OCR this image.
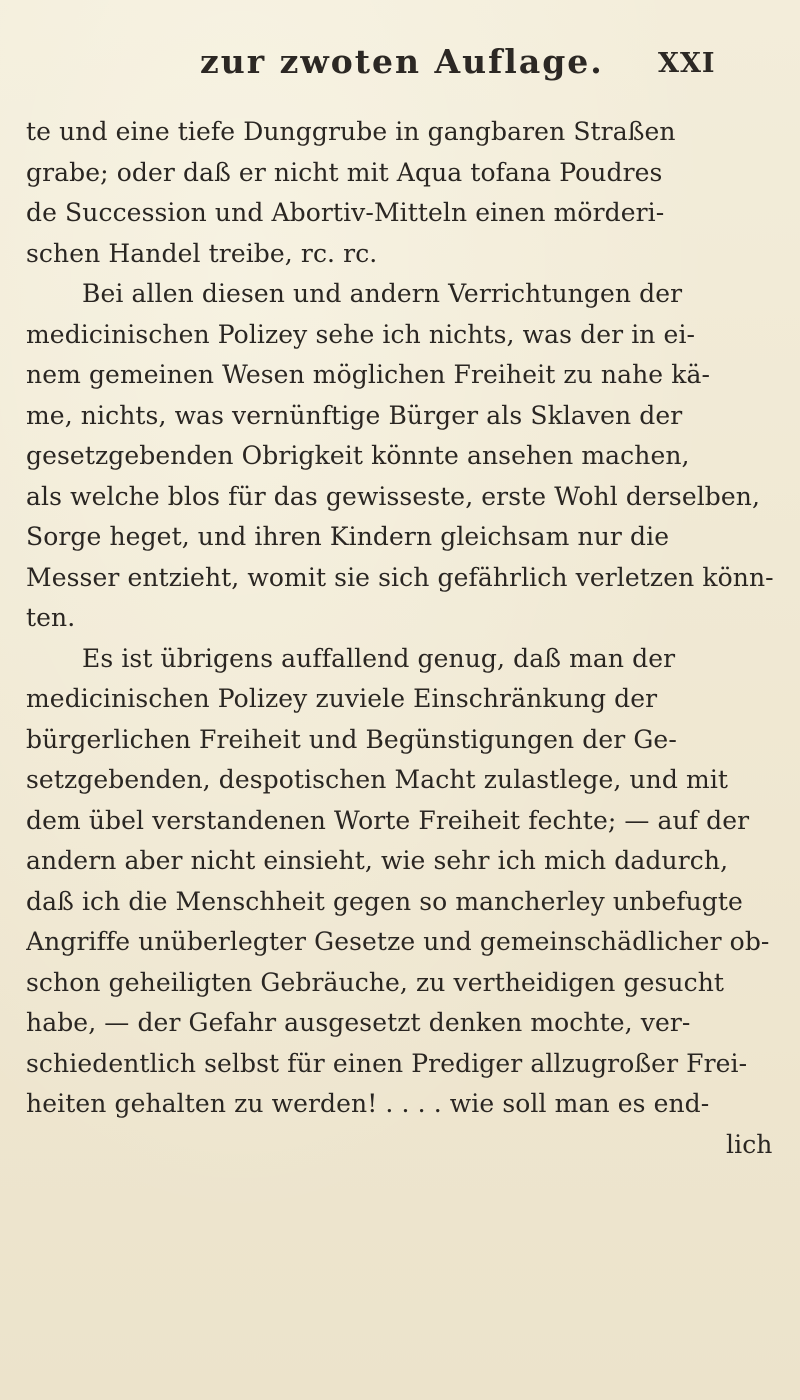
zur zwoten Auflage. XXI
te und eine tiefe Dunggrube in gangbaren Straßen
grabe; oder daß er nicht mit Aqua tofana Poudres
de Succession und Abortiv-Mitteln einen mörderi-
schen Handel treibe, rc. rc.
Bei allen diesen und andern Verrichtungen der
medicinischen Polizey sehe ich nichts, was der in ei-
nem gemeinen Wesen möglichen Freiheit zu nahe kä-
me, nichts, was vernünftige Bürger als Sklaven der
gesetzgebenden Obrigkeit könnte ansehen machen,
als welche blos für das gewisseste, erste Wohl derselben,
Sorge heget, und ihren Kindern gleichsam nur die
Messer entzieht, womit sie sich gefährlich verletzen könn-
ten.
Es ist übrigens auffallend genug, daß man der
medicinischen Polizey zuviele Einschränkung der
bürgerlichen Freiheit und Begünstigungen der Ge-
setzgebenden, despotischen Macht zulastlege, und mit
dem übel verstandenen Worte Freiheit fechte; — auf der
andern aber nicht einsieht, wie sehr ich mich dadurch,
daß ich die Menschheit gegen so mancherley unbefugte
Angriffe unüberlegter Gesetze und gemeinschädlicher ob-
schon geheiligten Gebräuche, zu vertheidigen gesucht
habe, — der Gefahr ausgesetzt denken mochte, ver-
schiedentlich selbst für einen Prediger allzugroßer Frei-
heiten gehalten zu werden! . . . . wie soll man es end-
lich
